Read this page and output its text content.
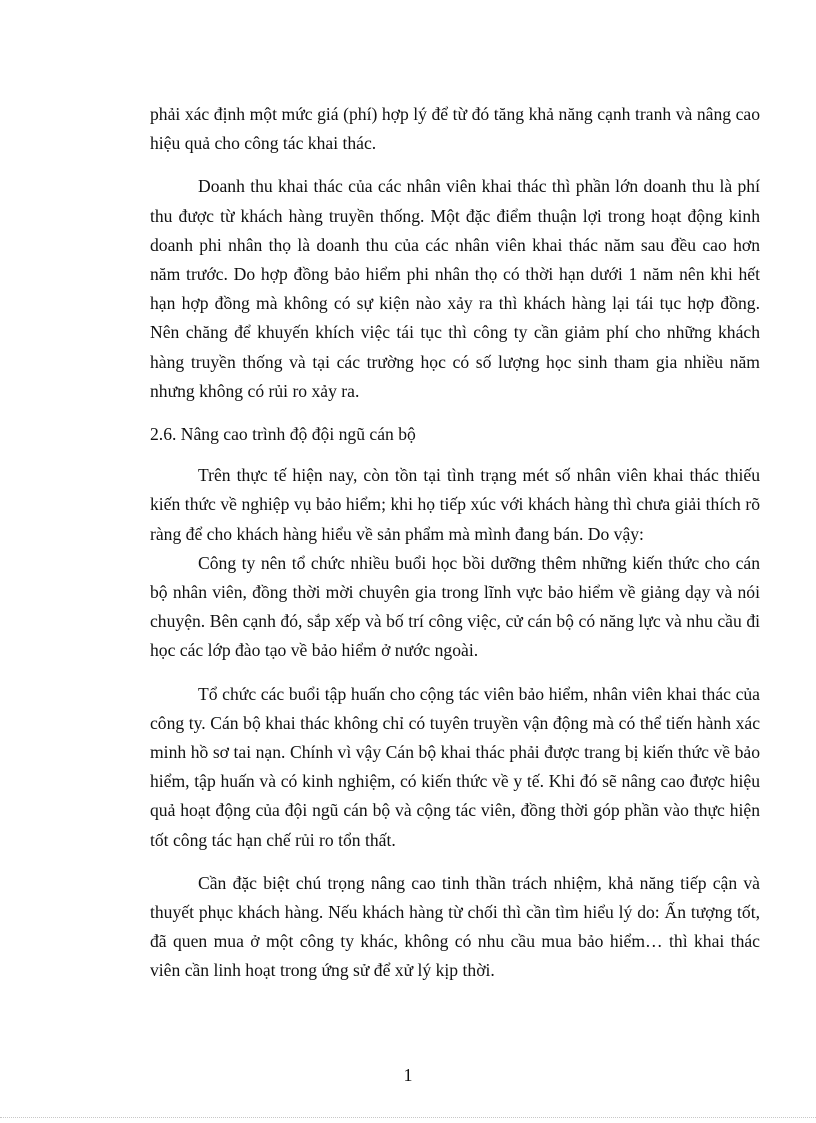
phải xác định một mức giá (phí) hợp lý để từ đó tăng khả năng cạnh tranh và nâng cao hiệu quả cho công tác khai thác.

Doanh thu khai thác của các nhân viên khai thác thì phần lớn doanh thu là phí thu được từ khách hàng truyền thống. Một đặc điểm thuận lợi trong hoạt động kinh doanh phi nhân thọ là doanh thu của các nhân viên khai thác năm sau đều cao hơn năm trước. Do hợp đồng bảo hiểm phi nhân thọ có thời hạn dưới 1 năm nên khi hết hạn hợp đồng mà không có sự kiện nào xảy ra thì khách hàng lại tái tục hợp đồng. Nên chăng để khuyến khích việc tái tục thì công ty cần giảm phí cho những khách hàng truyền thống và tại các trường học có số lượng học sinh tham gia nhiều năm nhưng không có rủi ro xảy ra.

2.6. Nâng cao trình độ đội ngũ cán bộ

Trên thực tế hiện nay, còn tồn tại tình trạng mét số nhân viên khai thác thiếu kiến thức về nghiệp vụ bảo hiểm; khi họ tiếp xúc với khách hàng thì chưa giải thích rõ ràng để cho khách hàng hiểu về sản phẩm mà mình đang bán. Do vậy:

Công ty nên tổ chức nhiều buổi học bồi dưỡng thêm những kiến thức cho cán bộ nhân viên, đồng thời mời chuyên gia trong lĩnh vực bảo hiểm về giảng dạy và nói chuyện. Bên cạnh đó, sắp xếp và bố trí công việc, cử cán bộ có năng lực và nhu cầu đi học các lớp đào tạo về bảo hiểm ở nước ngoài.

Tổ chức các buổi tập huấn cho cộng tác viên bảo hiểm, nhân viên khai thác của công ty. Cán bộ khai thác không chỉ có tuyên truyền vận động mà có thể tiến hành xác minh hồ sơ tai nạn. Chính vì vậy Cán bộ khai thác phải được trang bị kiến thức về bảo hiểm, tập huấn và có kinh nghiệm, có kiến thức về y tế. Khi đó sẽ nâng cao được hiệu quả hoạt động của đội ngũ cán bộ và cộng tác viên, đồng thời góp phần vào thực hiện tốt công tác hạn chế rủi ro tổn thất.

Cần đặc biệt chú trọng nâng cao tinh thần trách nhiệm, khả năng tiếp cận và thuyết phục khách hàng. Nếu khách hàng từ chối thì cần tìm hiểu lý do: Ấn tượng tốt, đã quen mua ở một công ty khác, không có nhu cầu mua bảo hiểm… thì khai thác viên cần linh hoạt trong ứng sử để xử lý kịp thời.

1
